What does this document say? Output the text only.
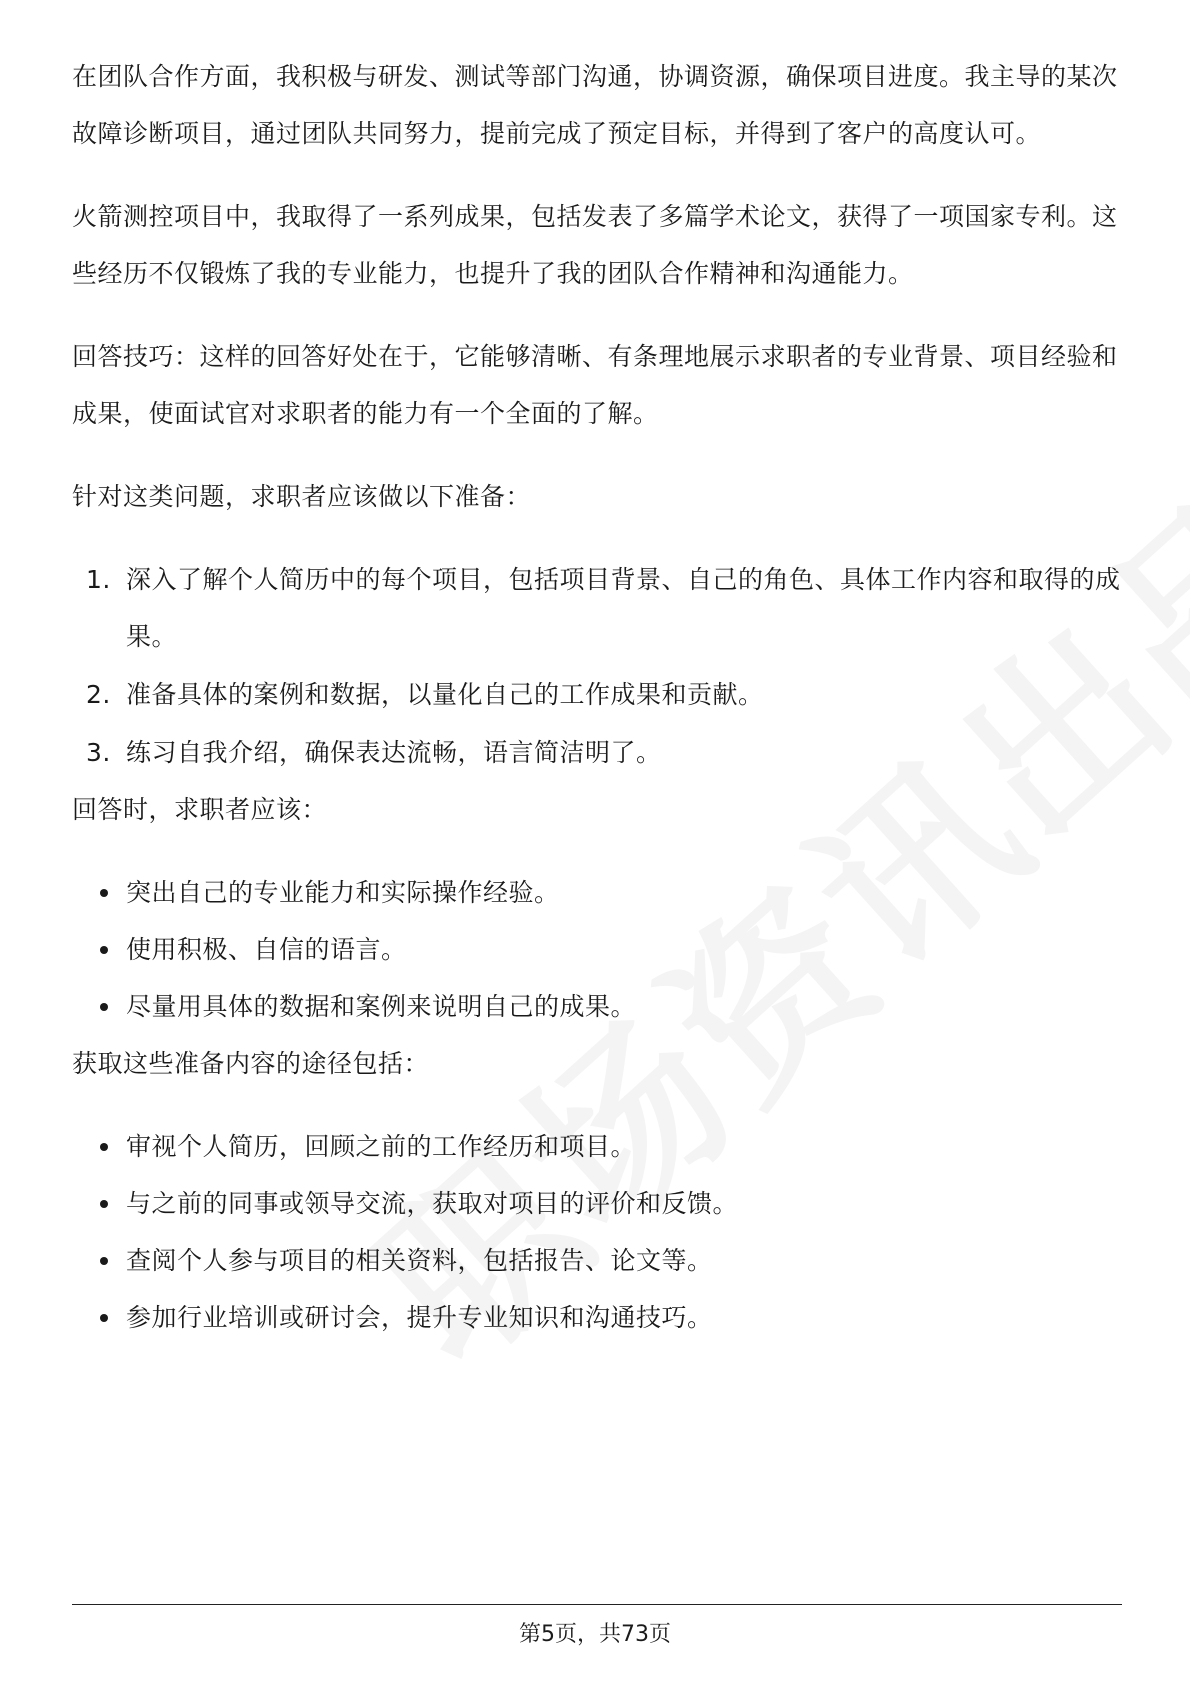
在团队合作方面，我积极与研发、测试等部门沟通，协调资源，确保项目进度。我主导的某次故障诊断项目，通过团队共同努力，提前完成了预定目标，并得到了客户的高度认可。

火箭测控项目中，我取得了一系列成果，包括发表了多篇学术论文，获得了一项国家专利。这些经历不仅锻炼了我的专业能力，也提升了我的团队合作精神和沟通能力。

回答技巧：这样的回答好处在于，它能够清晰、有条理地展示求职者的专业背景、项目经验和成果，使面试官对求职者的能力有一个全面的了解。

针对这类问题，求职者应该做以下准备：

1. 深入了解个人简历中的每个项目，包括项目背景、自己的角色、具体工作内容和取得的成果。
2. 准备具体的案例和数据，以量化自己的工作成果和贡献。
3. 练习自我介绍，确保表达流畅，语言简洁明了。

回答时，求职者应该：

突出自己的专业能力和实际操作经验。
使用积极、自信的语言。
尽量用具体的数据和案例来说明自己的成果。

获取这些准备内容的途径包括：

审视个人简历，回顾之前的工作经历和项目。
与之前的同事或领导交流，获取对项目的评价和反馈。
查阅个人参与项目的相关资料，包括报告、论文等。
参加行业培训或研讨会，提升专业知识和沟通技巧。
第5页，共73页
